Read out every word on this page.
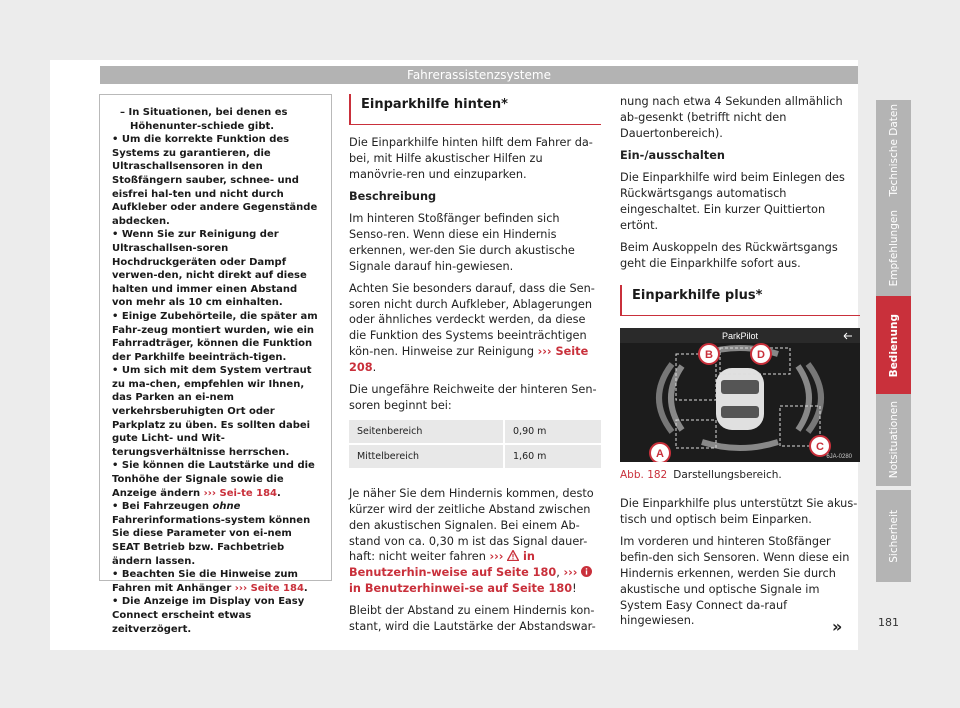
Fahrerassistenzsysteme

– In Situationen, bei denen es Höhenunter-schiede gibt.

• Um die korrekte Funktion des Systems zu garantieren, die Ultraschallsensoren in den Stoßfängern sauber, schnee- und eisfrei hal-ten und nicht durch Aufkleber oder andere Gegenstände abdecken.

• Wenn Sie zur Reinigung der Ultraschallsen-soren Hochdruckgeräten oder Dampf verwen-den, nicht direkt auf diese halten und immer einen Abstand von mehr als 10 cm einhalten.

• Einige Zubehörteile, die später am Fahr-zeug montiert wurden, wie ein Fahrradträger, können die Funktion der Parkhilfe beeinträch-tigen.

• Um sich mit dem System vertraut zu ma-chen, empfehlen wir Ihnen, das Parken an ei-nem verkehrsberuhigten Ort oder Parkplatz zu üben. Es sollten dabei gute Licht- und Wit-terungsverhältnisse herrschen.

• Sie können die Lautstärke und die Tonhöhe der Signale sowie die Anzeige ändern ››› Sei-te 184.

• Bei Fahrzeugen ohne Fahrerinformations-system können Sie diese Parameter von ei-nem SEAT Betrieb bzw. Fachbetrieb ändern lassen.

• Beachten Sie die Hinweise zum Fahren mit Anhänger ››› Seite 184.

• Die Anzeige im Display von Easy Connect erscheint etwas zeitverzögert.

Einparkhilfe hinten*

Die Einparkhilfe hinten hilft dem Fahrer da-bei, mit Hilfe akustischer Hilfen zu manövrie-ren und einzuparken.

Beschreibung

Im hinteren Stoßfänger befinden sich Senso-ren. Wenn diese ein Hindernis erkennen, wer-den Sie durch akustische Signale darauf hin-gewiesen.

Achten Sie besonders darauf, dass die Sen-soren nicht durch Aufkleber, Ablagerungen oder ähnliches verdeckt werden, da diese die Funktion des Systems beeinträchtigen kön-nen. Hinweise zur Reinigung ››› Seite 208.

Die ungefähre Reichweite der hinteren Sen-soren beginnt bei:

Seitenbereich	0,90 m
Mittelbereich	1,60 m

Je näher Sie dem Hindernis kommen, desto kürzer wird der zeitliche Abstand zwischen den akustischen Signalen. Bei einem Ab-stand von ca. 0,30 m ist das Signal dauer-haft: nicht weiter fahren ›››  in Benutzerhin-weise auf Seite 180, ›››  in Benutzerhinwei-se auf Seite 180!

Bleibt der Abstand zu einem Hindernis kon-stant, wird die Lautstärke der Abstandswar-

nung nach etwa 4 Sekunden allmählich ab-gesenkt (betrifft nicht den Dauertonbereich).

Ein-/ausschalten

Die Einparkhilfe wird beim Einlegen des Rückwärtsgangs automatisch eingeschaltet. Ein kurzer Quittierton ertönt.

Beim Auskoppeln des Rückwärtsgangs geht die Einparkhilfe sofort aus.

Einparkhilfe plus*
ParkPilot
A
B
C
D
6JA-0280
Abb. 182 Darstellungsbereich.

Die Einparkhilfe plus unterstützt Sie akus-tisch und optisch beim Einparken.

Im vorderen und hinteren Stoßfänger befin-den sich Sensoren. Wenn diese ein Hindernis erkennen, werden Sie durch akustische und optische Signale im System Easy Connect da-rauf hingewiesen.	»
Technische Daten
Empfehlungen
Bedienung
Notsituationen
Sicherheit
181
